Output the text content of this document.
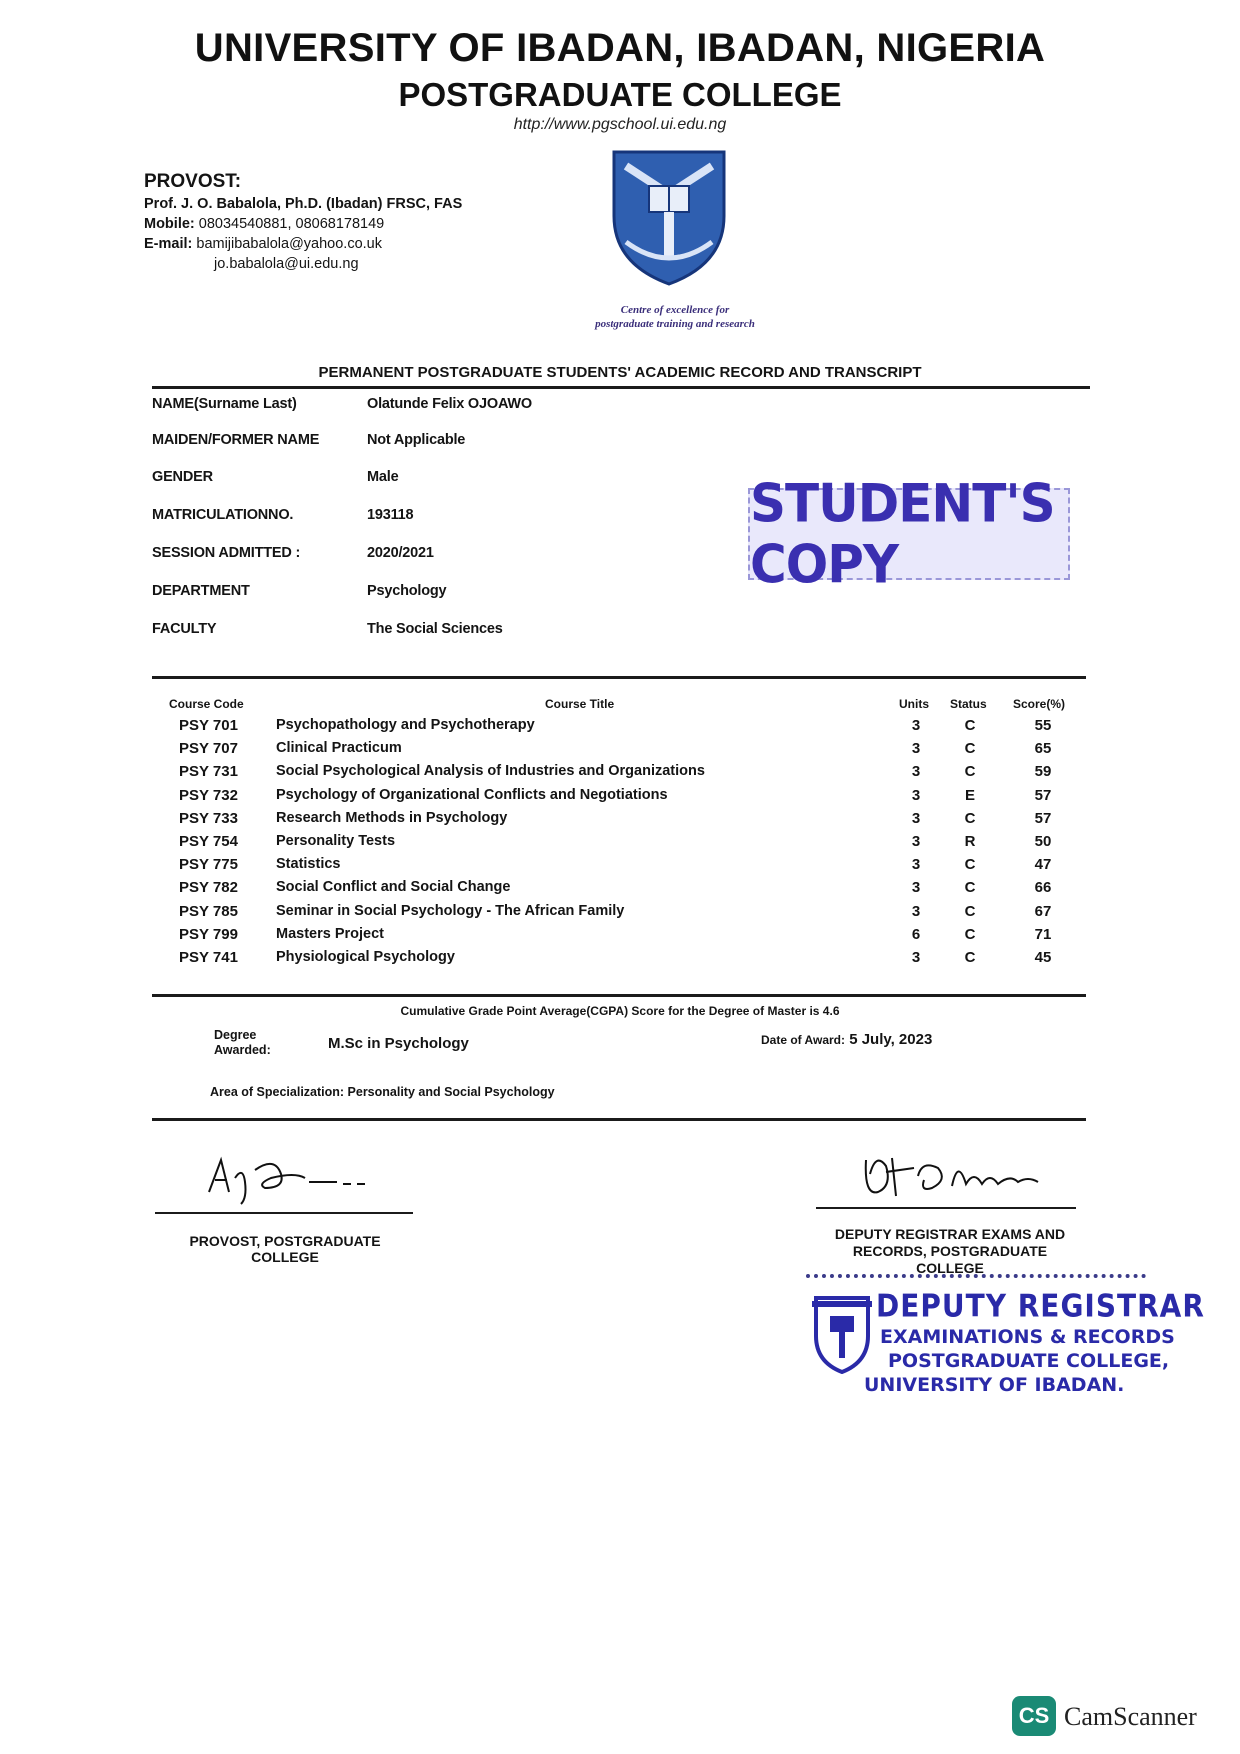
UNIVERSITY OF IBADAN, IBADAN, NIGERIA
POSTGRADUATE COLLEGE
http://www.pgschool.ui.edu.ng
PROVOST:
Prof. J. O. Babalola, Ph.D. (Ibadan) FRSC, FAS
Mobile: 08034540881, 08068178149
E-mail: bamijibabalola@yahoo.co.uk
jo.babalola@ui.edu.ng
Centre of excellence for
postgraduate training and research
PERMANENT POSTGRADUATE STUDENTS' ACADEMIC RECORD AND TRANSCRIPT
NAME(Surname Last)	Olatunde Felix OJOAWO
MAIDEN/FORMER NAME	Not Applicable
GENDER	Male
MATRICULATIONNO.	193118
SESSION ADMITTED :	2020/2021
DEPARTMENT	Psychology
FACULTY	The Social Sciences
STUDENT'S COPY
Course Code	Course Title	Units Status Score(%)
PSY 701	Psychopathology and Psychotherapy	3	C	55
PSY 707	Clinical Practicum	3	C	65
PSY 731	Social Psychological Analysis of Industries and Organizations	3	C	59
PSY 732	Psychology of Organizational Conflicts and Negotiations	3	E	57
PSY 733	Research Methods in Psychology	3	C	57
PSY 754	Personality Tests	3	R	50
PSY 775	Statistics	3	C	47
PSY 782	Social Conflict and Social Change	3	C	66
PSY 785	Seminar in Social Psychology - The African Family	3	C	67
PSY 799	Masters Project	6	C	71
PSY 741	Physiological Psychology	3	C	45
Cumulative Grade Point Average(CGPA) Score for the Degree of Master is 4.6
Degree
Awarded:	M.Sc in Psychology	Date of Award: 5 July, 2023
Area of Specialization: Personality and Social Psychology
PROVOST, POSTGRADUATE
COLLEGE
DEPUTY REGISTRAR EXAMS AND
RECORDS, POSTGRADUATE
COLLEGE
DEPUTY REGISTRAR
EXAMINATIONS & RECORDS
POSTGRADUATE COLLEGE,
UNIVERSITY OF IBADAN.
CS CamScanner
